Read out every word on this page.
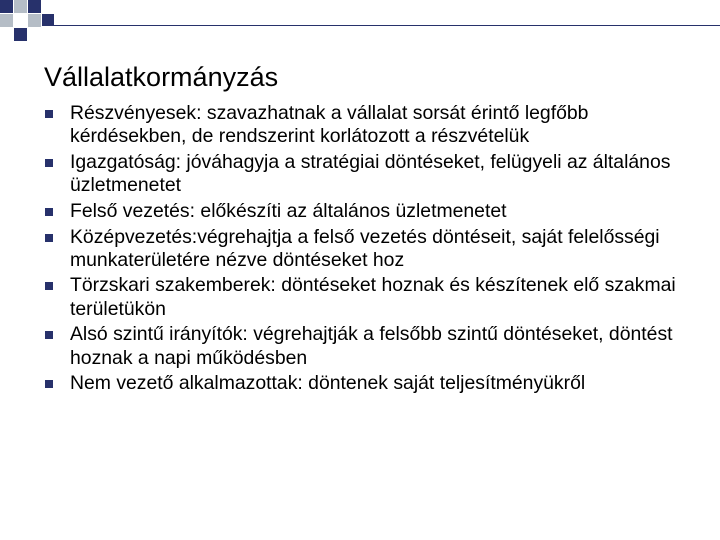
Vállalatkormányzás
Részvényesek: szavazhatnak a vállalat sorsát érintő legfőbb kérdésekben, de rendszerint korlátozott a részvételük
Igazgatóság: jóváhagyja a stratégiai döntéseket, felügyeli az általános üzletmenetet
Felső vezetés: előkészíti az általános üzletmenetet
Középvezetés:végrehajtja a felső vezetés döntéseit, saját felelősségi munkaterületére nézve döntéseket hoz
Törzskari szakemberek: döntéseket hoznak és készítenek elő szakmai területükön
Alsó szintű irányítók: végrehajtják a felsőbb szintű döntéseket, döntést hoznak a napi működésben
Nem vezető alkalmazottak: döntenek saját teljesítményükről
